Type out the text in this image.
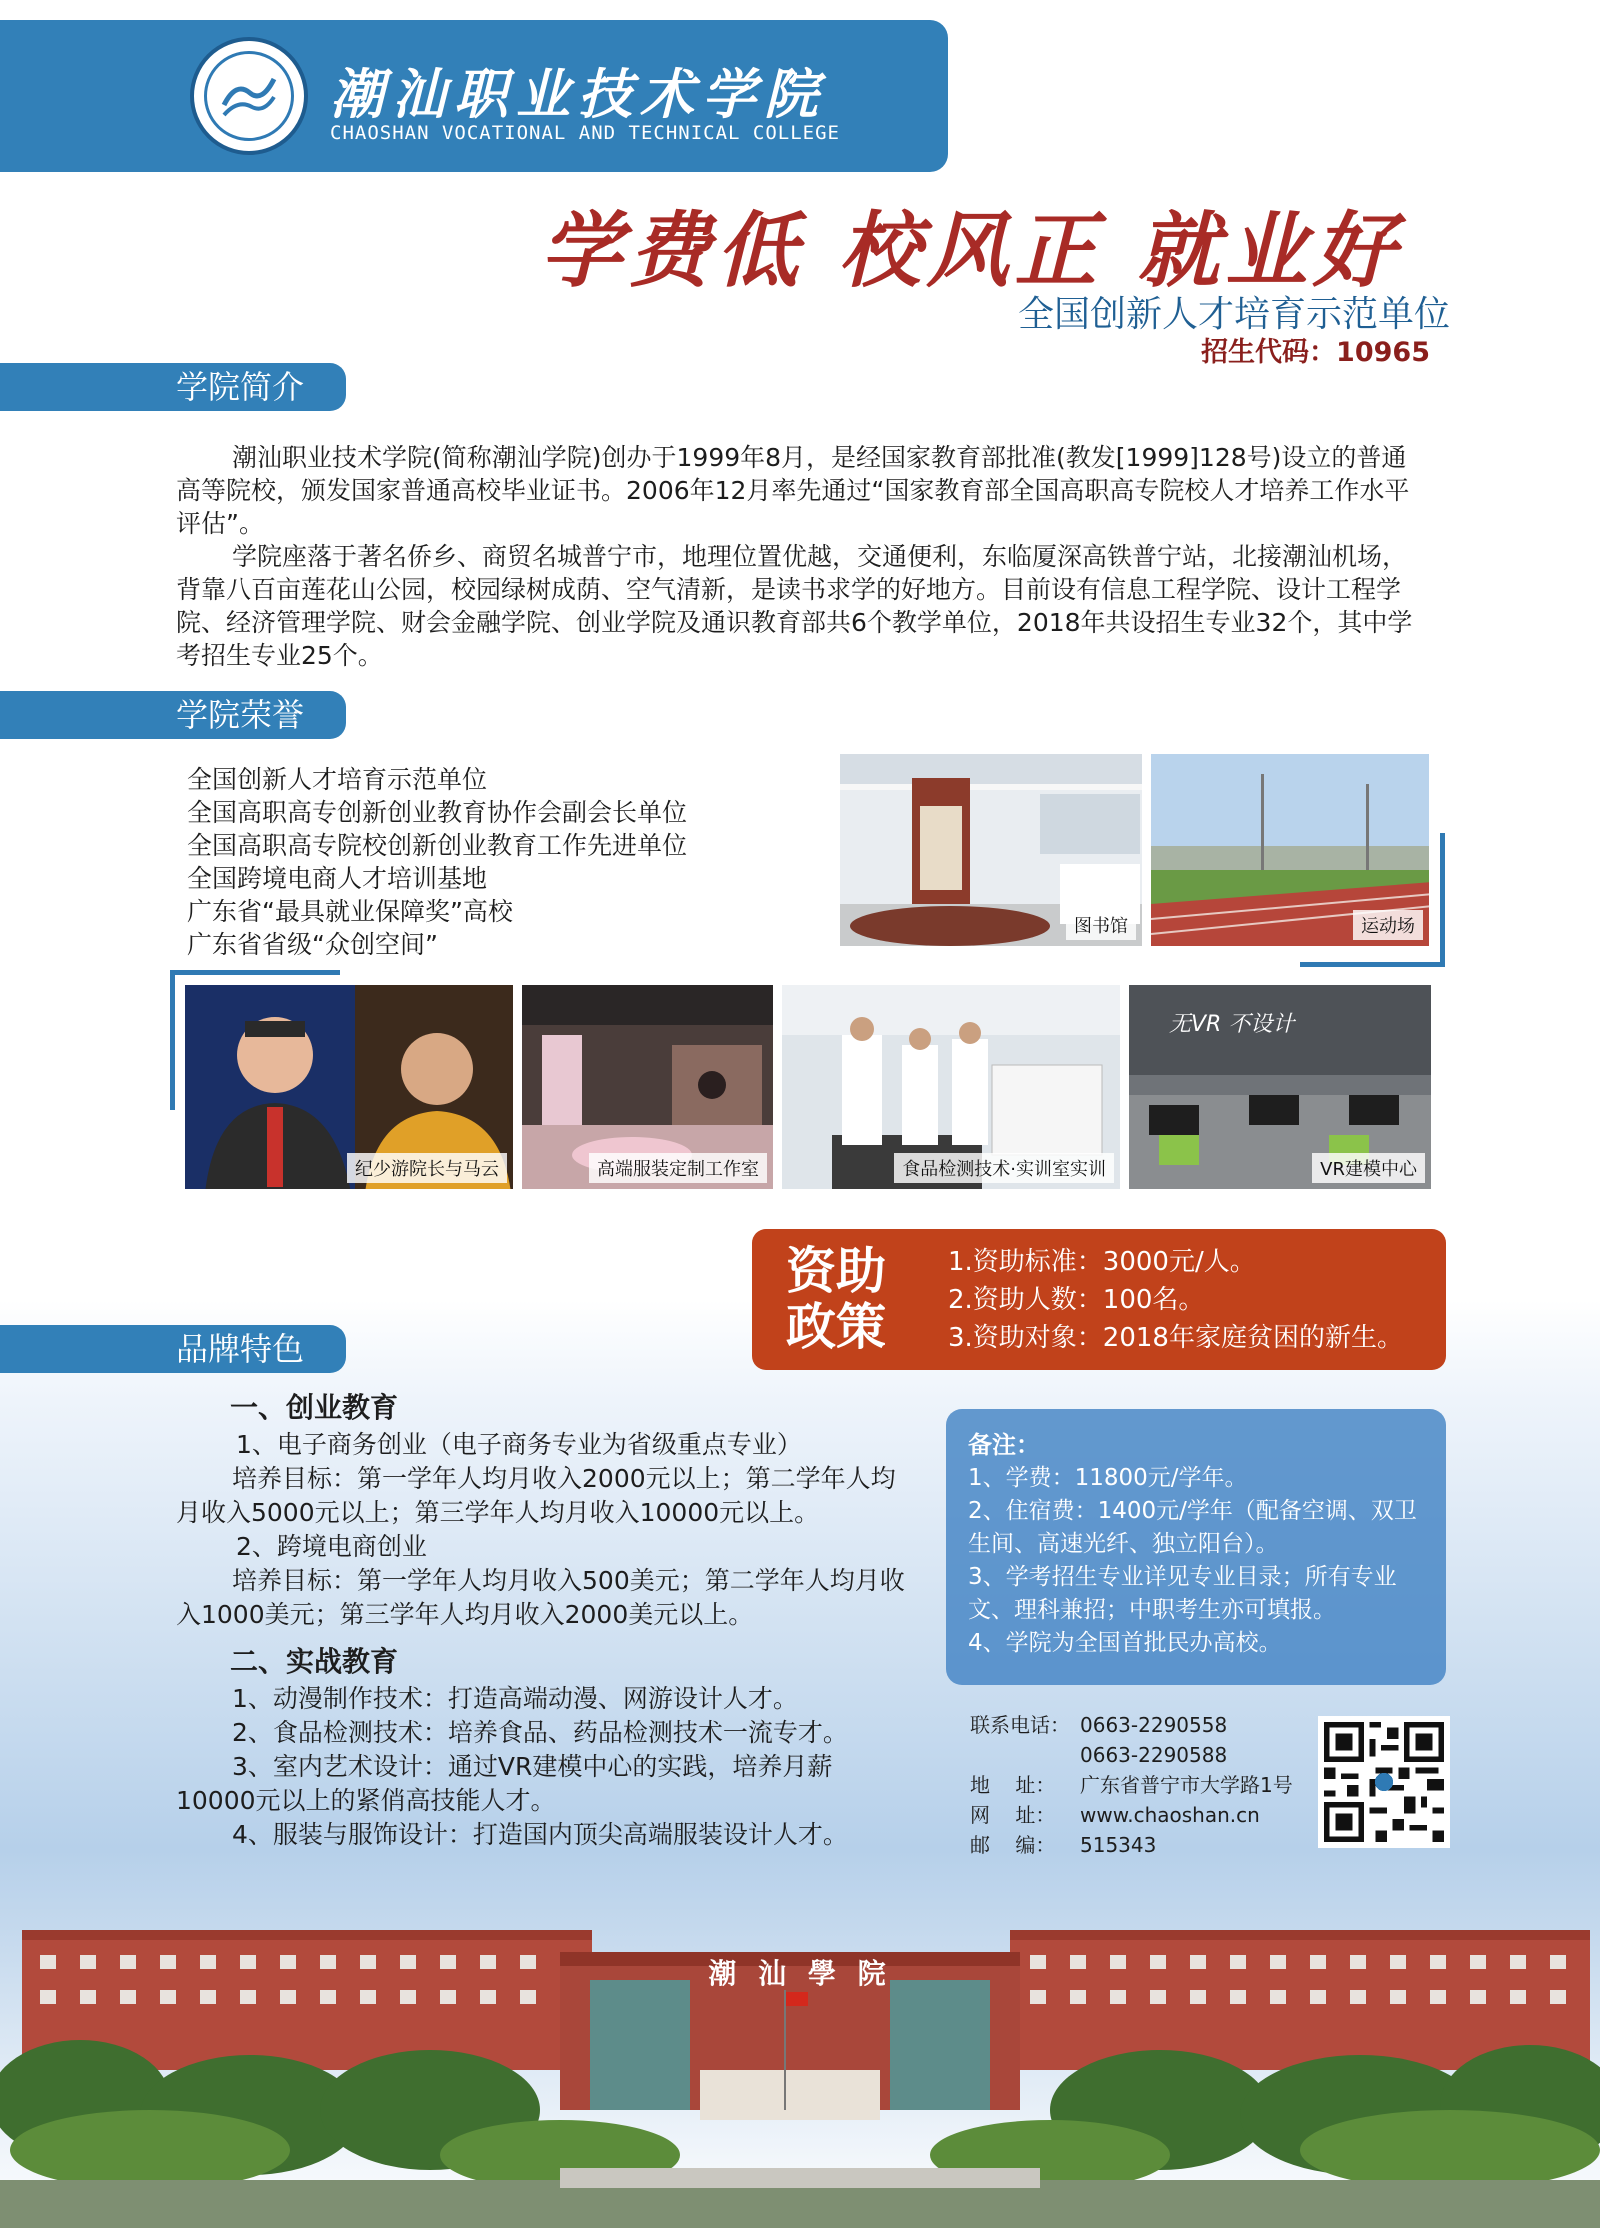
潮汕职业技术学院
CHAOSHAN VOCATIONAL AND TECHNICAL COLLEGE
学费低 校风正 就业好
全国创新人才培育示范单位
招生代码：10965
学院简介

潮汕职业技术学院(简称潮汕学院)创办于1999年8月，是经国家教育部批准(教发[1999]128号)设立的普通高等院校，颁发国家普通高校毕业证书。2006年12月率先通过“国家教育部全国高职高专院校人才培养工作水平评估”。

学院座落于著名侨乡、商贸名城普宁市，地理位置优越，交通便利，东临厦深高铁普宁站，北接潮汕机场，背靠八百亩莲花山公园，校园绿树成荫、空气清新，是读书求学的好地方。目前设有信息工程学院、设计工程学院、经济管理学院、财会金融学院、创业学院及通识教育部共6个教学单位，2018年共设招生专业32个，其中学考招生专业25个。

学院荣誉
全国创新人才培育示范单位
全国高职高专创新创业教育协作会副会长单位
全国高职高专院校创新创业教育工作先进单位
全国跨境电商人才培训基地
广东省“最具就业保障奖”高校
广东省省级“众创空间”
图书馆	运动场
纪少游院长与马云	高端服装定制工作室	食品检测技术·实训室实训
无VR 不设计
VR建模中心
资助
政策
1.资助标准：3000元/人。
2.资助人数：100名。
3.资助对象：2018年家庭贫困的新生。
品牌特色
一、创业教育
1、电子商务创业（电子商务专业为省级重点专业）
培养目标：第一学年人均月收入2000元以上；第二学年人均月收入5000元以上；第三学年人均月收入10000元以上。
2、跨境电商创业
培养目标：第一学年人均月收入500美元；第二学年人均月收入1000美元；第三学年人均月收入2000美元以上。
二、实战教育
1、动漫制作技术：打造高端动漫、网游设计人才。
2、食品检测技术：培养食品、药品检测技术一流专才。
3、室内艺术设计：通过VR建模中心的实践，培养月薪10000元以上的紧俏高技能人才。
4、服装与服饰设计：打造国内顶尖高端服装设计人才。
备注：
1、学费：11800元/学年。
2、住宿费：1400元/学年（配备空调、双卫生间、高速光纤、独立阳台）。
3、学考招生专业详见专业目录；所有专业文、理科兼招；中职考生亦可填报。
4、学院为全国首批民办高校。
联系电话： 0663-2290558
0663-2290588
地    址：	广东省普宁市大学路1号
网    址：	www.chaoshan.cn
邮    编：	515343
潮 汕 學 院
